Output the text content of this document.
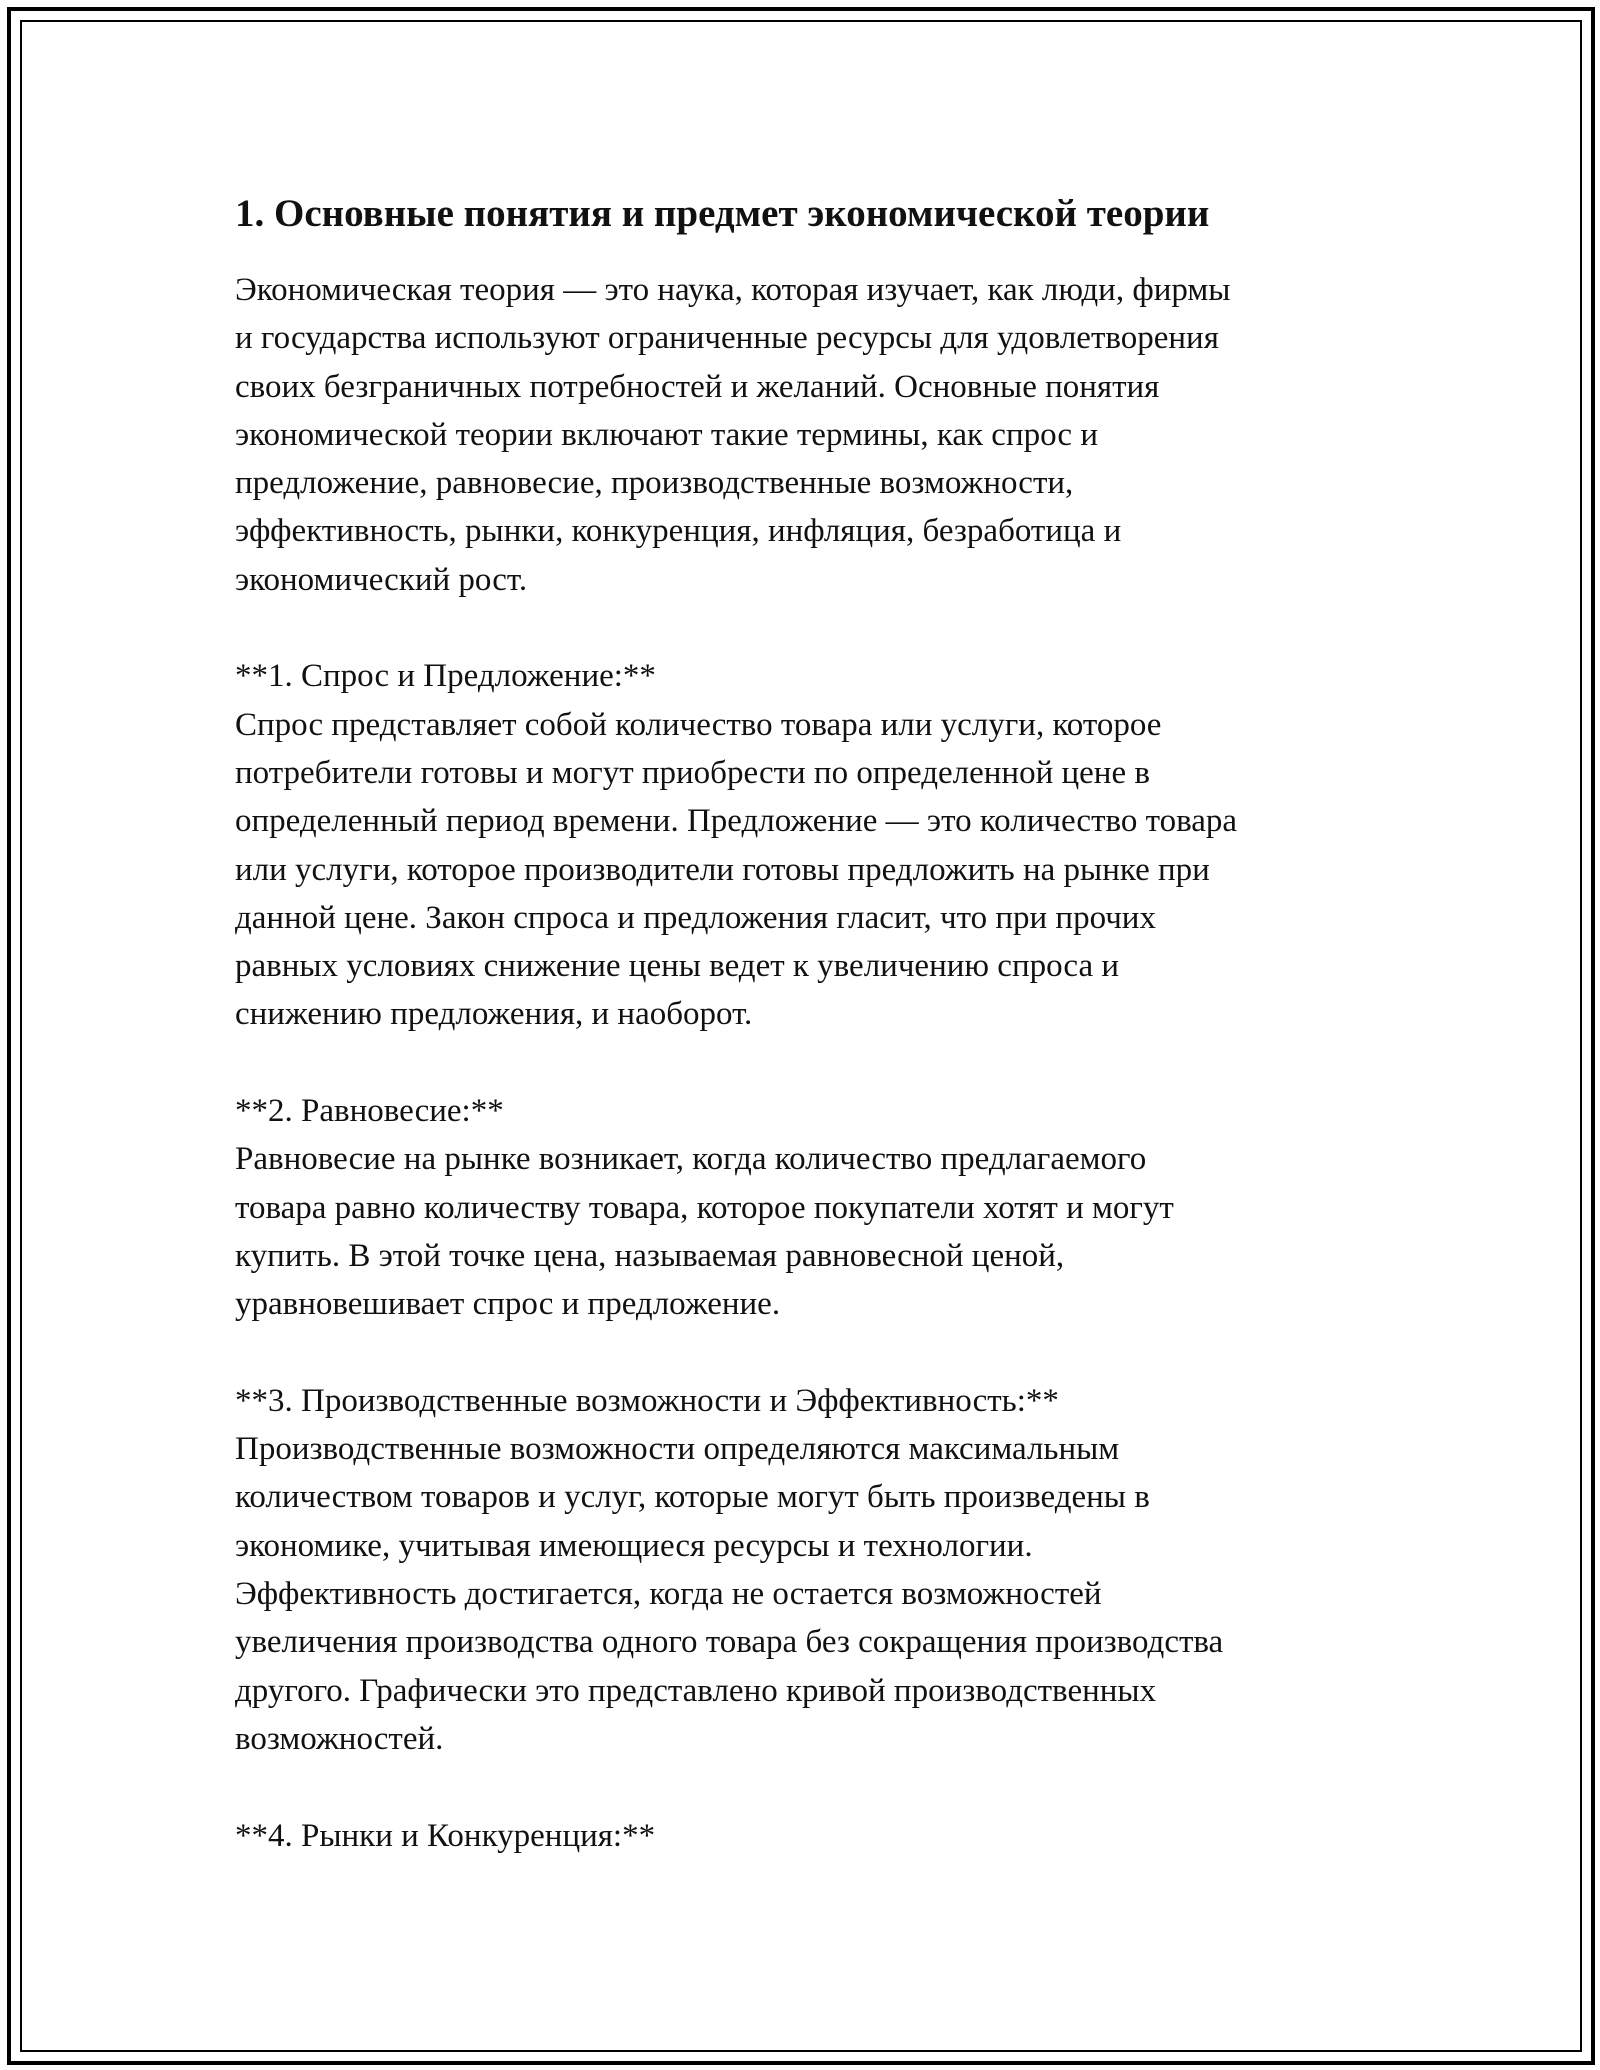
1. Основные понятия и предмет экономической теории

Экономическая теория — это наука, которая изучает, как люди, фирмы
и государства используют ограниченные ресурсы для удовлетворения
своих безграничных потребностей и желаний. Основные понятия
экономической теории включают такие термины, как спрос и
предложение, равновесие, производственные возможности,
эффективность, рынки, конкуренция, инфляция, безработица и
экономический рост.

**1. Спрос и Предложение:**

Спрос представляет собой количество товара или услуги, которое
потребители готовы и могут приобрести по определенной цене в
определенный период времени. Предложение — это количество товара
или услуги, которое производители готовы предложить на рынке при
данной цене. Закон спроса и предложения гласит, что при прочих
равных условиях снижение цены ведет к увеличению спроса и
снижению предложения, и наоборот.

**2. Равновесие:**

Равновесие на рынке возникает, когда количество предлагаемого
товара равно количеству товара, которое покупатели хотят и могут
купить. В этой точке цена, называемая равновесной ценой,
уравновешивает спрос и предложение.

**3. Производственные возможности и Эффективность:**

Производственные возможности определяются максимальным
количеством товаров и услуг, которые могут быть произведены в
экономике, учитывая имеющиеся ресурсы и технологии.
Эффективность достигается, когда не остается возможностей
увеличения производства одного товара без сокращения производства
другого. Графически это представлено кривой производственных
возможностей.

**4. Рынки и Конкуренция:**
